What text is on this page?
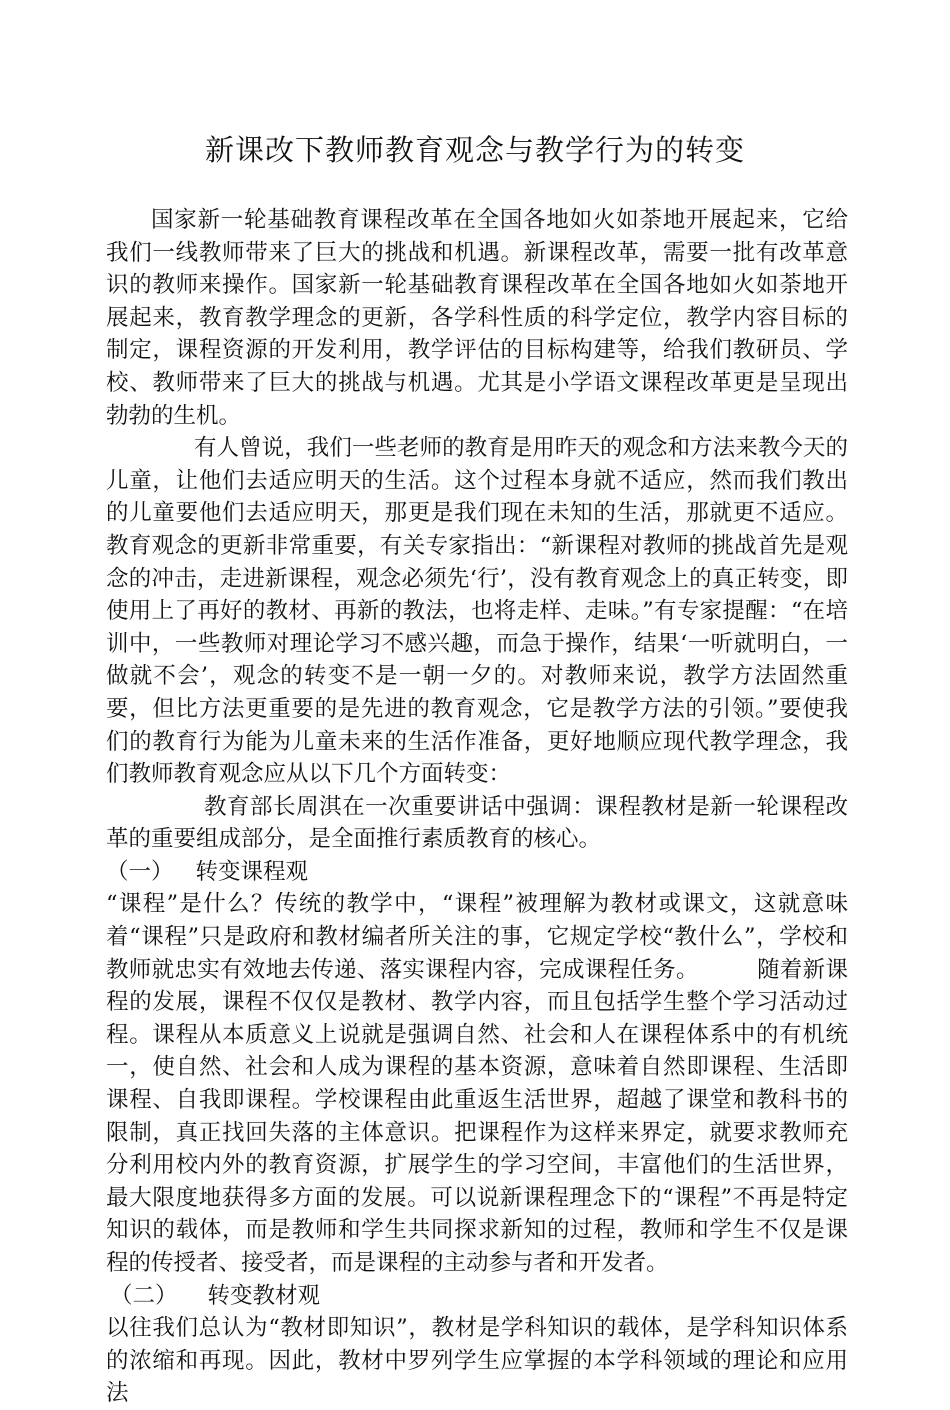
新课改下教师教育观念与教学行为的转变

国家新一轮基础教育课程改革在全国各地如火如荼地开展起来，它给我们一线教师带来了巨大的挑战和机遇。新课程改革，需要一批有改革意识的教师来操作。国家新一轮基础教育课程改革在全国各地如火如荼地开展起来，教育教学理念的更新，各学科性质的科学定位，教学内容目标的制定，课程资源的开发利用，教学评估的目标构建等，给我们教研员、学校、教师带来了巨大的挑战与机遇。尤其是小学语文课程改革更是呈现出勃勃的生机。

有人曾说，我们一些老师的教育是用昨天的观念和方法来教今天的儿童，让他们去适应明天的生活。这个过程本身就不适应，然而我们教出的儿童要他们去适应明天，那更是我们现在未知的生活，那就更不适应。教育观念的更新非常重要，有关专家指出：“新课程对教师的挑战首先是观念的冲击，走进新课程，观念必须先‘行’，没有教育观念上的真正转变，即使用上了再好的教材、再新的教法，也将走样、走味。”有专家提醒：“在培训中，一些教师对理论学习不感兴趣，而急于操作，结果‘一听就明白，一做就不会’，观念的转变不是一朝一夕的。对教师来说，教学方法固然重要，但比方法更重要的是先进的教育观念，它是教学方法的引领。”要使我们的教育行为能为儿童未来的生活作准备，更好地顺应现代教学理念，我们教师教育观念应从以下几个方面转变：

教育部长周淇在一次重要讲话中强调：课程教材是新一轮课程改革的重要组成部分，是全面推行素质教育的核心。

（一） 转变课程观

“课程”是什么？传统的教学中，“课程”被理解为教材或课文，这就意味着“课程”只是政府和教材编者所关注的事，它规定学校“教什么”，学校和教师就忠实有效地去传递、落实课程内容，完成课程任务。	随着新课程的发展，课程不仅仅是教材、教学内容，而且包括学生整个学习活动过程。课程从本质意义上说就是强调自然、社会和人在课程体系中的有机统一，使自然、社会和人成为课程的基本资源，意味着自然即课程、生活即课程、自我即课程。学校课程由此重返生活世界，超越了课堂和教科书的限制，真正找回失落的主体意识。把课程作为这样来界定，就要求教师充分利用校内外的教育资源，扩展学生的学习空间，丰富他们的生活世界，最大限度地获得多方面的发展。可以说新课程理念下的“课程”不再是特定知识的载体，而是教师和学生共同探求新知的过程，教师和学生不仅是课程的传授者、接受者，而是课程的主动参与者和开发者。

（二） 转变教材观

以往我们总认为“教材即知识”，教材是学科知识的载体，是学科知识体系的浓缩和再现。因此，教材中罗列学生应掌握的本学科领域的理论和应用法
